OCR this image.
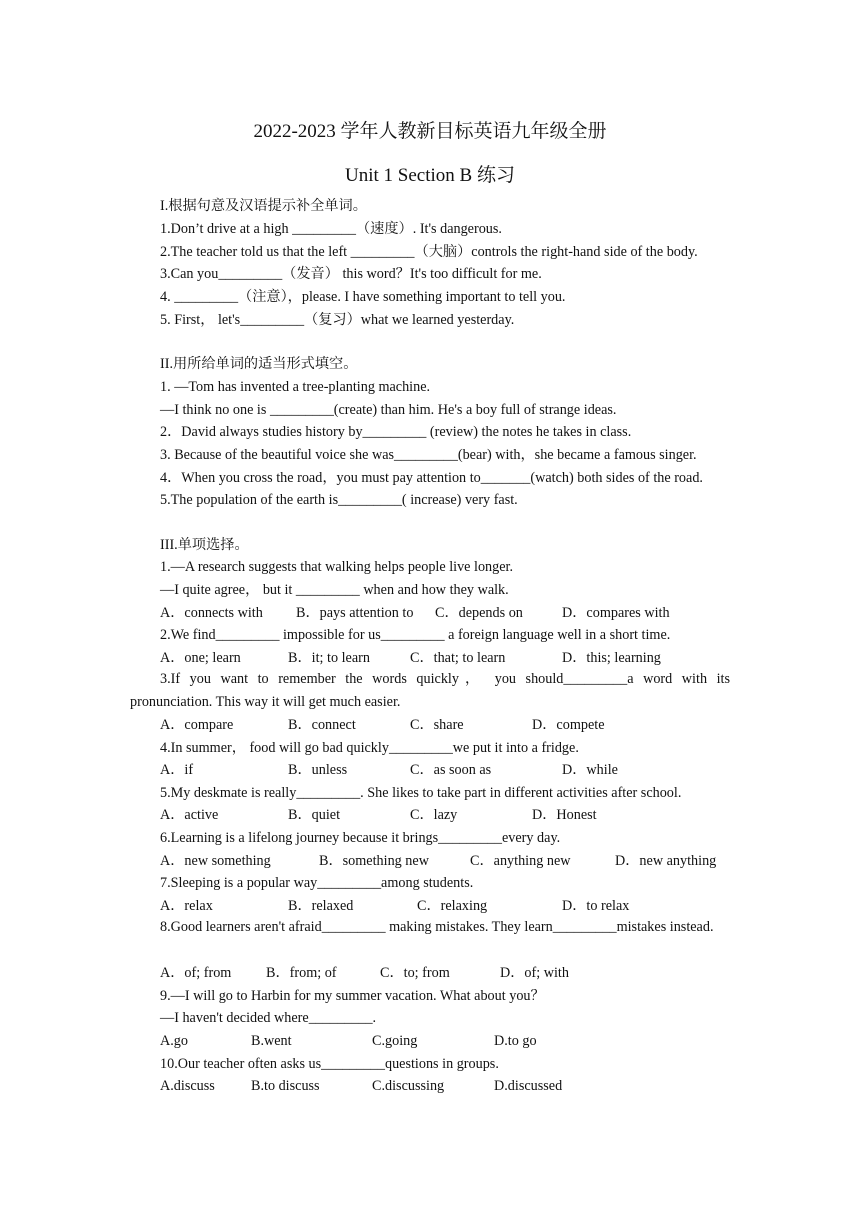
2022-2023 学年人教新目标英语九年级全册
Unit 1 Section B 练习
I.根据句意及汉语提示补全单词。
1.Don’t drive at a high _________（速度）. It's dangerous.
2.The teacher told us that the left _________（大脑）controls the right-hand side of the body.
3.Can you_________（发音） this word？It's too difficult for me.
4. _________（注意），please. I have something important to tell you.
5. First， let's_________（复习）what we learned yesterday.
II.用所给单词的适当形式填空。
1. —Tom has invented a tree-planting machine.
—I think no one is _________(create) than him. He's a boy full of strange ideas.
2．David always studies history by_________ (review) the notes he takes in class.
3. Because of the beautiful voice she was_________(bear) with，she became a famous singer.
4．When you cross the road，you must pay attention to_______(watch) both sides of the road.
5.The population of the earth is_________( increase) very fast.
III.单项选择。
1.—A research suggests that walking helps people live longer.
—I quite agree， but it _________ when and how they walk.
A．connects with B．pays attention to C．depends on	D．compares with
2.We find_________ impossible for us_________ a foreign language well in a short time.
A．one; learn	B．it; to learn	C．that; to learn	D．this; learning
3.If you want to remember the words quickly， you should_________a word with its pronunciation. This way it will get much easier.
A．compare	B．connect	C．share	D．compete
4.In summer， food will go bad quickly_________we put it into a fridge.
A．if	B．unless	C．as soon as	D．while
5.My deskmate is really_________. She likes to take part in different activities after school.
A．active	B．quiet	C．lazy	D．Honest
6.Learning is a lifelong journey because it brings_________every day.
A．new something	B．something new	C．anything new	D．new anything
7.Sleeping is a popular way_________among students.
A．relax	B．relaxed	C．relaxing	D．to relax
8.Good learners aren't afraid_________ making mistakes. They learn_________mistakes instead.
A．of; from B．from; of	C．to; from	D．of; with
9.—I will go to Harbin for my summer vacation. What about you？
—I haven't decided where_________.
A.go	B.went	C.going	D.to go
10.Our teacher often asks us_________questions in groups.
A.discuss	B.to discuss	C.discussing	D.discussed
